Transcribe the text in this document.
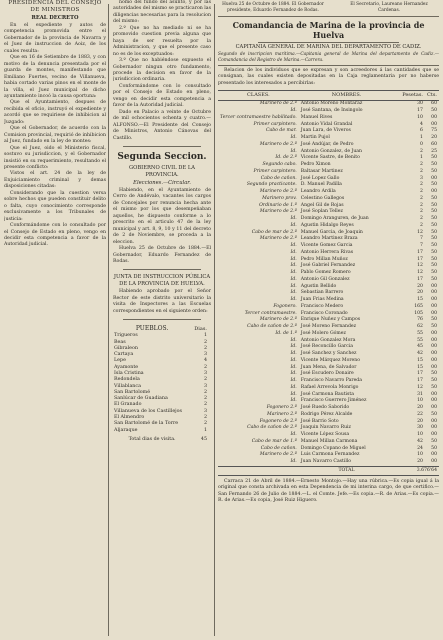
PRESIDENCIA DEL CONSEJO DE MINISTROS
REAL DECRETO

En el expediente y autos de competencia promovida entre el Gobernador de la provincia de Navarra y el Juez de instruccion de Aoiz, de los cuales resulta:

Que en 16 de Setiembre de 1883, y con motivo de la denuncia presentada por el guarda de montes, manifestando que Emiliano Fuertes, vecino de Villanueva, habia cortado varias pinos en el monte de la villa, el Juez municipal de dicho ayuntamiento incoó la causa oportuna:

Que el Ayuntamiento, despues de recibida el oficio, instruyó el expediente y acordó que se requiriese de inhibicion al Juzgado:

Que el Gobernador, de acuerdo con la Comision provincial, requirió de inhibicion al Juez, fundado en la ley de montes:

Que el Juez, oido el Ministerio fiscal, sostuvo su jurisdiccion, y el Gobernador insistió en su requerimiento, resultando el presente conflicto:

Vistos el art. 24 de la ley de Enjuiciamiento criminal y demas disposiciones citadas:

Considerando que la cuestion versa sobre hechos que pueden constituir delito o falta, cuyo conocimiento corresponde exclusivamente a los Tribunales de justicia:

Conformándome con lo consultado por el Consejo de Estado en pleno, vengo en decidir esta competencia a favor de la Autoridad judicial.

nomo del fundo del asunto, y por las autoridades del mismo se practicaron las diligencias necesarias para la resolucion del mismo:

2.º Que no ha mediado ni se ha promovido cuestion previa alguna que haya de ser resuelta por la Administracion, y que el presente caso no es de los exceptuados:

3.º Que no habiéndose expuesto el Gobernador ningun otro fundamento, procede la decision en favor de la jurisdiccion ordinaria.

Conformándome con lo consultado por el Consejo de Estado en pleno, vengo en decidir esta competencia a favor de la Autoridad judicial.

Dado en Palacio a veinte de Octubre de mil ochocientos ochenta y cuatro.—ALFONSO.—El Presidente del Consejo de Ministros, Antonio Cánovas del Castillo.

Segunda Seccion.
GOBIERNO CIVIL DE LA PROVINCIA.
Elecciones.—Circular.

Habiendo, en el Ayuntamiento de Cerro de Andévalo, vacantes los cargos de Concejales por renuncia hecha ante el mismo por los que desempeñaban aquellos, he dispuesto conforme a lo prescrito en el articulo 47 de la ley municipal y art. 8, 9, 10 y 11 del decreto de 2 de Noviembre, se proceda a la eleccion.

Huelva 25 de Octubre de 1884.—El Gobernador, Eduardo Fernandez de Rodas.

JUNTA DE INSTRUCCION PÚBLICA DE LA PROVINCIA DE HUELVA.

Habiendo aprobado por el Señor Rector de este distrito universitario la visita de Inspectores a las Escuelas correspondientes en el siguiente orden:

PUEBLOS.	Dias.
Trigueros	1
Beas	2
Gibraleon	2
Cartaya	3
Lepe	4
Ayamonte	2
Isla Cristina	3
Redondela	2
Villablanca	3
San Bartolomé	2
Sanlúcar de Guadiana	2
El Granado	2
Villanueva de los Castillejos	3
El Almendro	2
San Bartolomé de la Torre	2
Aljaraque	1
Total dias de visita.	45
Huelva 25 de Octubre de 1884. El Gobernador presidente, Eduardo Fernandez de Rodas.
El Secretario, Laureano Hernandez Cardenas.
Comandancia de Marina de la provincia de Huelva
CAPITANIA GENERAL DE MARINA DEL DEPARTAMENTO DE CADIZ.
Segundo de inscripcion maritima.—Capitania general de Marina del departamento de Cadiz.—Comandancia del Registro de Marina.—Carrera.

Relacion de los individuos que se expresan y son acreedores á las cantidades que se consignan, las cuales existen depositadas en la Caja reglamentaria por no haberse presentado los interesados a percibirlas:

CLASES.	NOMBRES.	Pesetas.	Cts.
Marinero de 2.ª	Antonio Moreno Montaraz	30	60
Id.	José Santana, de Insingolo	17	50
Tercer contramaestre habilitado.	Manuel Rives	10	00
Primer carpintero.	Antonio Vidal Grandal	4	00
Cabo de mar.	Juan Lara, de Viveros	6	75
Id.	Martin Pujol	1	20
Marinero de 2.ª	José Andújar, de Pedro	0	60
Id.	Antonio Gonzalez, de Juan	2	25
Id. de 2.ª	Vicente Sastre, de Benito	1	50
Segundo cabo.	Pedro Ximon	2	50
Primer carpintero.	Baltasar Martinez	2	50
Cabo de cañon.	José Lopez Gallo	3	00
Segundo practicante.	D. Manuel Padilla	2	50
Marinero de 2.ª	Leandro Ardila	2	00
Marinero prov.	Celestino Gallegos	2	50
Ordinario de 1.ª	Angel Gil de Rojas	2	50
Marinero de 2.ª	José Soplan Tellez	2	50
Id.	Domingo Aranguren, de Juan	2	50
Id.	Agustin Hidalgo Reyes	2	50
Cabo de mar de 2.ª	Manuel Garcia, de Joaquin	12	50
Marinero de 2.ª	Leandro Martinez Braza	7	50
Id.	Vicente Gomez Garcia	7	50
Id.	Antonio Herrera Rivas	17	50
Id.	Pedro Millan Muñoz	17	50
Id.	José Gabriel Fernandez	12	50
Id.	Pablo Gomez Romero	12	50
Id.	Antonio Gil Gonzalez	17	50
Id.	Agustin Bellido	20	00
Id.	Sebastian Barrero	20	00
Id.	Juan Frias Medina	15	00
Fogonero.	Francisco Medero	165	00
Tercer contramaestre.	Francisco Coronado	105	00
Marinero de 2.ª	Enrique Nuñez y Campos	76	50
Cabo de cañon de 2.ª	José Moreno Fernandez	62	50
Id. de 1.ª	José Molero Gómez	55	00
Id.	Antonio Gonzalez Mora	55	00
Id.	José Reconcillo Garcia	45	00
Id.	José Sanchez y Sanchez	42	00
Id.	Vicente Márquez Moreno	15	00
Id.	Juan Mena, de Salvador	15	00
Id.	José Escudero Donaire	17	50
Id.	Francisco Navarro Pareda	17	50
Id.	Rafael Arrevola Monrigo	12	50
Id.	José Carmona Bautista	31	00
Id.	Francisco Guerrero Jiménez	10	00
Fogonero 2.ª	José Ruedo Saborido	20	00
Marinero 2.ª	Rodrigo Pérez Alcalde	22	50
Fogonero de 2.ª	José Barrio Soto	20	00
Cabo de cañon de 2.ª	Joaquin Navarro Ruiz	30	00
Id.	Vicente López Sousa	10	00
Cabo de mar de 1.ª	Manuel Millan Carmona	42	50
Cabo de cañon.	Domingo Copano de Miguel	24	50
Marinero de 2.ª	Luis Carmona Fernandez	10	00
Id.	Juan Navarro Castillo	20	00
	TOTAL	3.676'64	

Carraca 21 de Abril de 1884.—Ernesto Montojo.—Hay una rúbrica.—Es copia igual á la original que consta archivada en esta Dependencia de mi interina cargo, de que certifico.—San Fernando 26 de Julio de 1884.—L. el Comte. Jefe.—Es copia.—R. de Arias.—Es copia.—R. de Arias.—Es copia, José Ruiz Higuero.
